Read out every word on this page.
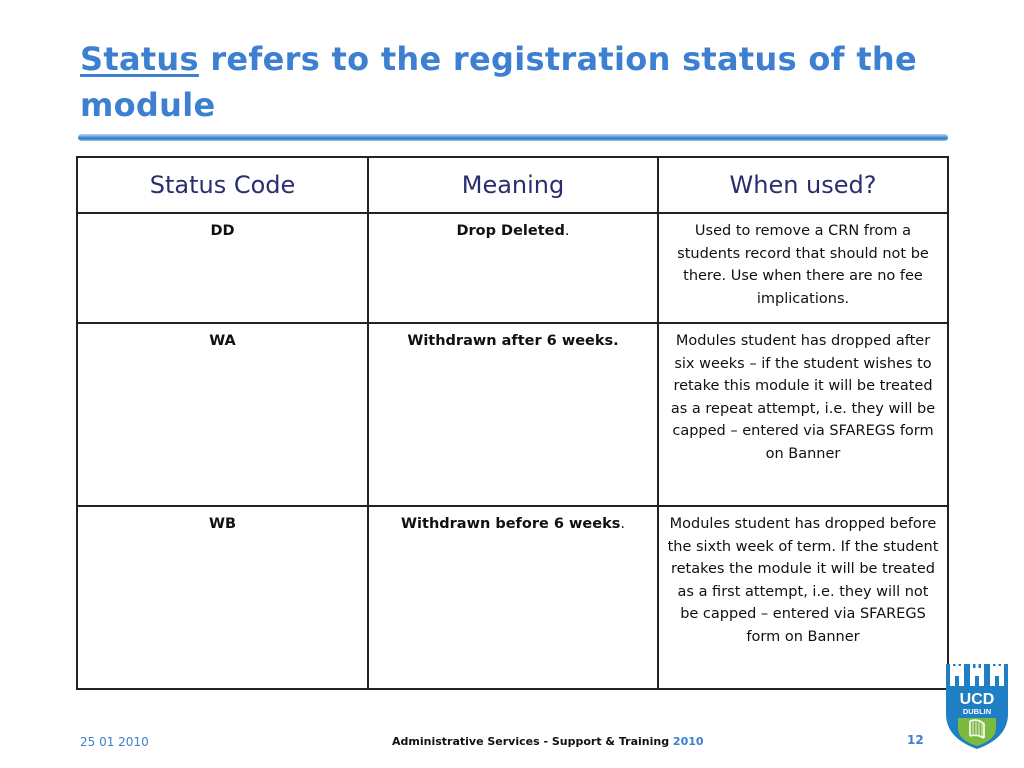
Status refers to the registration status of the module
Status Code	Meaning	When used?
DD	Drop Deleted.	Used to remove a CRN from a students record that should not be there. Use when there are no fee implications.
WA	Withdrawn after 6 weeks.	Modules student has dropped after six weeks – if the student wishes to retake this module it will be treated as a repeat attempt, i.e. they will be capped – entered via SFAREGS form on Banner
WB	Withdrawn before 6 weeks.	Modules student has dropped before the sixth week of term. If the student retakes the module it will be treated as a first attempt, i.e. they will not be capped – entered via SFAREGS form on Banner
25 01 2010	Administrative Services - Support & Training 2010	12
UCD
DUBLIN
